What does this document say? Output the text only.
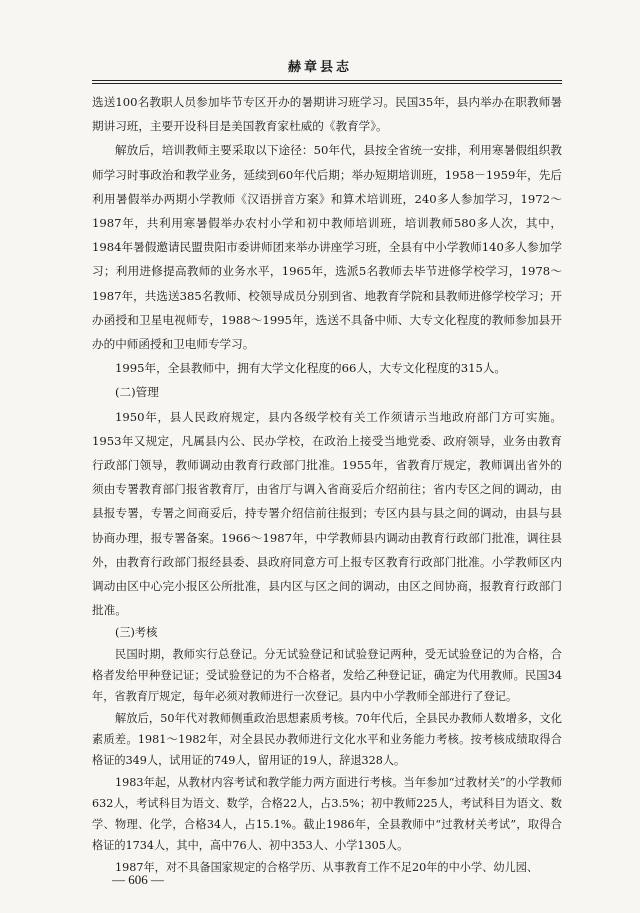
赫章县志

选送100名教职人员参加毕节专区开办的暑期讲习班学习。民国35年，县内举办在职教师暑期讲习班，主要开设科目是美国教育家杜威的《教育学》。

解放后，培训教师主要采取以下途径：50年代，县按全省统一安排，利用寒暑假组织教师学习时事政治和教学业务，延续到60年代后期；举办短期培训班，1958－1959年，先后利用暑假举办两期小学教师《汉语拼音方案》和算术培训班，240多人参加学习，1972～1987年，共利用寒暑假举办农村小学和初中教师培训班，培训教师580多人次，其中，1984年暑假邀请民盟贵阳市委讲师团来举办讲座学习班，全县有中小学教师140多人参加学习；利用进修提高教师的业务水平，1965年，选派5名教师去毕节进修学校学习，1978～1987年，共选送385名教师、校领导成员分别到省、地教育学院和县教师进修学校学习；开办函授和卫星电视师专，1988～1995年，选送不具备中师、大专文化程度的教师参加县开办的中师函授和卫电师专学习。

1995年，全县教师中，拥有大学文化程度的66人，大专文化程度的315人。

(二)管理

1950年，县人民政府规定，县内各级学校有关工作须请示当地政府部门方可实施。1953年又规定，凡属县内公、民办学校，在政治上接受当地党委、政府领导，业务由教育行政部门领导，教师调动由教育行政部门批准。1955年，省教育厅规定，教师调出省外的须由专署教育部门报省教育厅，由省厅与调入省商妥后介绍前往；省内专区之间的调动，由县报专署，专署之间商妥后，持专署介绍信前往报到；专区内县与县之间的调动，由县与县协商办理，报专署备案。1966～1987年，中学教师县内调动由教育行政部门批准，调往县外，由教育行政部门报经县委、县政府同意方可上报专区教育行政部门批准。小学教师区内调动由区中心完小报区公所批准，县内区与区之间的调动，由区之间协商，报教育行政部门批准。

(三)考核

民国时期，教师实行总登记。分无试验登记和试验登记两种，受无试验登记的为合格，合格者发给甲种登记证；受试验登记的为不合格者，发给乙种登记证，确定为代用教师。民国34年，省教育厅规定，每年必须对教师进行一次登记。县内中小学教师全部进行了登记。

解放后，50年代对教师侧重政治思想素质考核。70年代后，全县民办教师人数增多，文化素质差。1981～1982年，对全县民办教师进行文化水平和业务能力考核。按考核成绩取得合格证的349人，试用证的749人，留用证的19人，辞退328人。

1983年起，从教材内容考试和教学能力两方面进行考核。当年参加“过教材关”的小学教师632人，考试科目为语文、数学，合格22人，占3.5%；初中教师225人，考试科目为语文、数学、物理、化学，合格34人，占15.1%。截止1986年，全县教师中“过教材关考试”，取得合格证的1734人，其中，高中76人、初中353人、小学1305人。

1987年，对不具备国家规定的合格学历、从事教育工作不足20年的中小学、幼儿园、

— 606 —
